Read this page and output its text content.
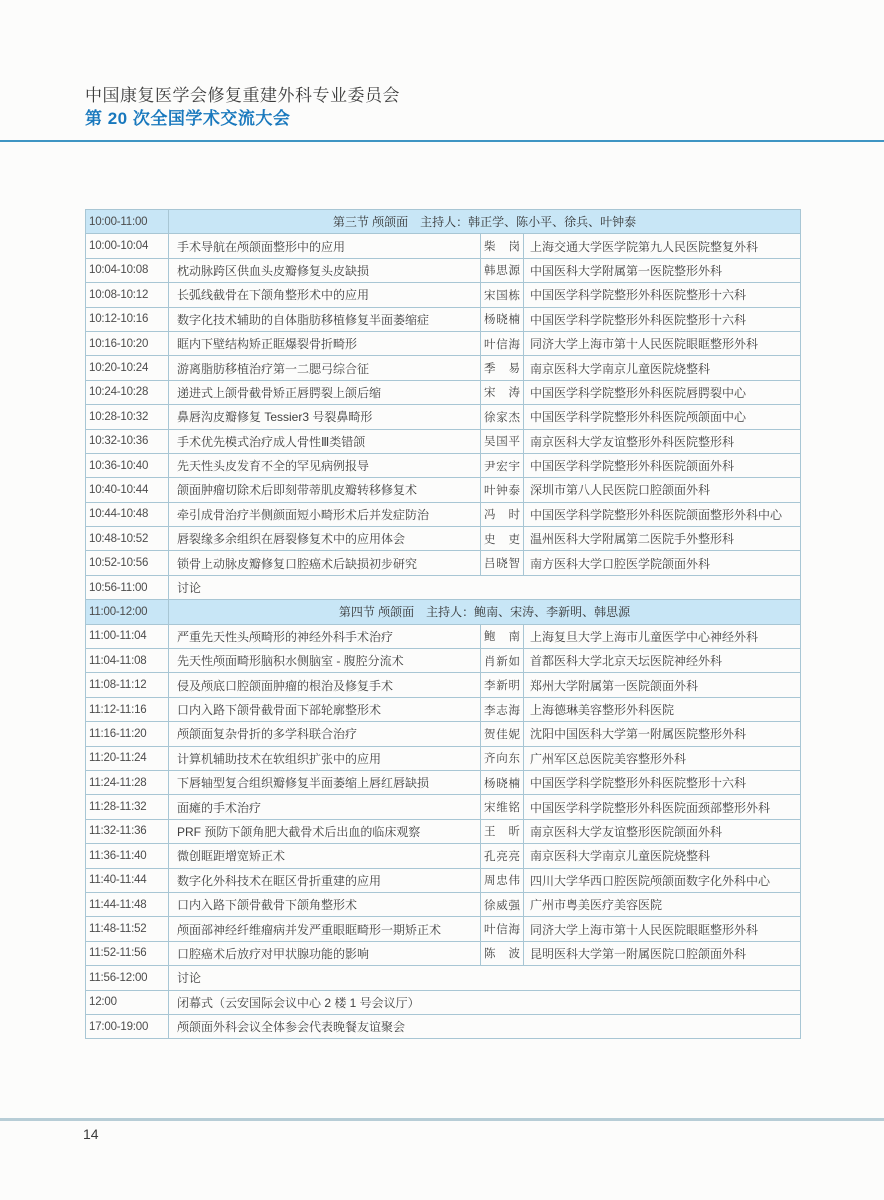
中国康复医学会修复重建外科专业委员会
第 20 次全国学术交流大会
10:00-11:00	第三节 颅颌面　主持人：韩正学、陈小平、徐兵、叶钟泰		
10:00-10:04	手术导航在颅颌面整形中的应用	柴 岗	上海交通大学医学院第九人民医院整复外科
10:04-10:08	枕动脉跨区供血头皮瓣修复头皮缺损	韩思源	中国医科大学附属第一医院整形外科
10:08-10:12	长弧线截骨在下颌角整形术中的应用	宋国栋	中国医学科学院整形外科医院整形十六科
10:12-10:16	数字化技术辅助的自体脂肪移植修复半面萎缩症	杨晓楠	中国医学科学院整形外科医院整形十六科
10:16-10:20	眶内下壁结构矫正眶爆裂骨折畸形	叶信海	同济大学上海市第十人民医院眼眶整形外科
10:20-10:24	游离脂肪移植治疗第一二腮弓综合征	季 易	南京医科大学南京儿童医院烧整科
10:24-10:28	递进式上颌骨截骨矫正唇腭裂上颌后缩	宋 涛	中国医学科学院整形外科医院唇腭裂中心
10:28-10:32	鼻唇沟皮瓣修复 Tessier3 号裂鼻畸形	徐家杰	中国医学科学院整形外科医院颅颌面中心
10:32-10:36	手术优先模式治疗成人骨性Ⅲ类错颌	吴国平	南京医科大学友谊整形外科医院整形科
10:36-10:40	先天性头皮发育不全的罕见病例报导	尹宏宇	中国医学科学院整形外科医院颌面外科
10:40-10:44	颌面肿瘤切除术后即刻带蒂肌皮瓣转移修复术	叶钟泰	深圳市第八人民医院口腔颌面外科
10:44-10:48	牵引成骨治疗半侧颜面短小畸形术后并发症防治	冯 时	中国医学科学院整形外科医院颌面整形外科中心
10:48-10:52	唇裂缘多余组织在唇裂修复术中的应用体会	史 吏	温州医科大学附属第二医院手外整形科
10:52-10:56	锁骨上动脉皮瓣修复口腔癌术后缺损初步研究	吕晓智	南方医科大学口腔医学院颌面外科
10:56-11:00	讨论		
11:00-12:00	第四节 颅颌面　主持人：鲍南、宋涛、李新明、韩思源		
11:00-11:04	严重先天性头颅畸形的神经外科手术治疗	鲍 南	上海复旦大学上海市儿童医学中心神经外科
11:04-11:08	先天性颅面畸形脑积水侧脑室 - 腹腔分流术	肖新如	首都医科大学北京天坛医院神经外科
11:08-11:12	侵及颅底口腔颌面肿瘤的根治及修复手术	李新明	郑州大学附属第一医院颌面外科
11:12-11:16	口内入路下颌骨截骨面下部轮廓整形术	李志海	上海德琳美容整形外科医院
11:16-11:20	颅颌面复杂骨折的多学科联合治疗	贺佳妮	沈阳中国医科大学第一附属医院整形外科
11:20-11:24	计算机辅助技术在软组织扩张中的应用	齐向东	广州军区总医院美容整形外科
11:24-11:28	下唇轴型复合组织瓣修复半面萎缩上唇红唇缺损	杨晓楠	中国医学科学院整形外科医院整形十六科
11:28-11:32	面瘫的手术治疗	宋维铭	中国医学科学院整形外科医院面颈部整形外科
11:32-11:36	PRF 预防下颌角肥大截骨术后出血的临床观察	王 昕	南京医科大学友谊整形医院颌面外科
11:36-11:40	微创眶距增宽矫正术	孔亮亮	南京医科大学南京儿童医院烧整科
11:40-11:44	数字化外科技术在眶区骨折重建的应用	周忠伟	四川大学华西口腔医院颅颌面数字化外科中心
11:44-11:48	口内入路下颌骨截骨下颌角整形术	徐威强	广州市粤美医疗美容医院
11:48-11:52	颅面部神经纤维瘤病并发严重眼眶畸形一期矫正术	叶信海	同济大学上海市第十人民医院眼眶整形外科
11:52-11:56	口腔癌术后放疗对甲状腺功能的影响	陈 波	昆明医科大学第一附属医院口腔颌面外科
11:56-12:00	讨论		
12:00	闭幕式（云安国际会议中心 2 楼 1 号会议厅）		
17:00-19:00	颅颌面外科会议全体参会代表晚餐友谊聚会		
14
